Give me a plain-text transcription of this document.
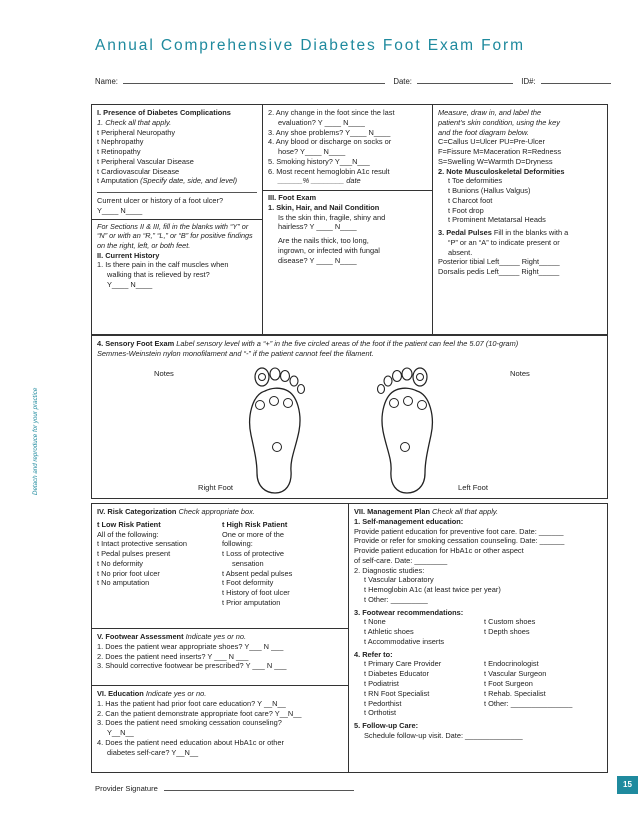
Annual Comprehensive Diabetes Foot Exam Form
Name:	Date:	ID#:
Detach and reproduce for your practice
I. Presence of Diabetes Complications
1. Check all that apply.
t Peripheral Neuropathy
t Nephropathy
t Retinopathy
t Peripheral Vascular Disease
t Cardiovascular Disease
t Amputation (Specify date, side, and level)
Current ulcer or history of a foot ulcer?
Y____ N____
For Sections II & III, fill in the blanks with “Y” or “N” or with an “R,” “L,” or “B” for positive findings on the right, left, or both feet.
II. Current History
1. Is there pain in the calf muscles when
walking that is relieved by rest?
Y____ N____
2. Any change in the foot since the last
evaluation? Y ____ N____
3. Any shoe problems? Y____ N____
4. Any blood or discharge on socks or
hose? Y____ N____
5. Smoking history? Y___N___
6. Most recent hemoglobin A1c result
______% ________ date
III. Foot Exam
1. Skin, Hair, and Nail Condition
Is the skin thin, fragile, shiny and
hairless? Y ____ N____
Are the nails thick, too long,
ingrown, or infected with fungal
disease? Y ____ N____
Measure, draw in, and label the
patient’s skin condition, using the key
and the foot diagram below.
C=Callus U=Ulcer PU=Pre-Ulcer
F=Fissure M=Maceration R=Redness
S=Swelling W=Warmth D=Dryness
2. Note Musculoskeletal Deformities
t Toe deformities
t Bunions (Hallus Valgus)
t Charcot foot
t Foot drop
t Prominent Metatarsal Heads
3. Pedal Pulses Fill in the blanks with a
“P” or an “A” to indicate present or
absent.
Posterior tibial Left_____ Right_____
Dorsalis pedis Left_____ Right_____
4. Sensory Foot Exam Label sensory level with a “+” in the five circled areas of the foot if the patient can feel the 5.07 (10-gram)
Semmes-Weinstein nylon monofilament and “-” if the patient cannot feel the filament.
Notes	Notes
Right Foot	Left Foot
IV. Risk Categorization Check appropriate box.
t Low Risk Patient
All of the following:
t Intact protective sensation
t Pedal pulses present
t No deformity
t No prior foot ulcer
t No amputation
t High Risk Patient
One or more of the
following:
t Loss of protective
sensation
t Absent pedal pulses
t Foot deformity
t History of foot ulcer
t Prior amputation
V. Footwear Assessment Indicate yes or no.
1. Does the patient wear appropriate shoes? Y___ N ___
2. Does the patient need inserts? Y ___ N ___
3. Should corrective footwear be prescribed? Y ___ N ___
VI. Education Indicate yes or no.
1. Has the patient had prior foot care education? Y __N__
2. Can the patient demonstrate appropriate foot care? Y__N__
3. Does the patient need smoking cessation counseling?
Y__N__
4. Does the patient need education about HbA1c or other
diabetes self-care? Y__N__
VII. Management Plan Check all that apply.
1. Self-management education:
Provide patient education for preventive foot care. Date: ______
Provide or refer for smoking cessation counseling. Date: ______
Provide patient education for HbA1c or other aspect
of self-care. Date: ________
2. Diagnostic studies:
t Vascular Laboratory
t Hemoglobin A1c (at least twice per year)
t Other: _________
3. Footwear recommendations:
t None
t Athletic shoes
t Accommodative inserts
t Custom shoes
t Depth shoes
4. Refer to:
t Primary Care Provider
t Diabetes Educator
t Podiatrist
t RN Foot Specialist
t Pedorthist
t Orthotist
t Endocrinologist
t Vascular Surgeon
t Foot Surgeon
t Rehab. Specialist
t Other: _______________
5. Follow-up Care:
Schedule follow-up visit. Date: ______________
Provider Signature	15
